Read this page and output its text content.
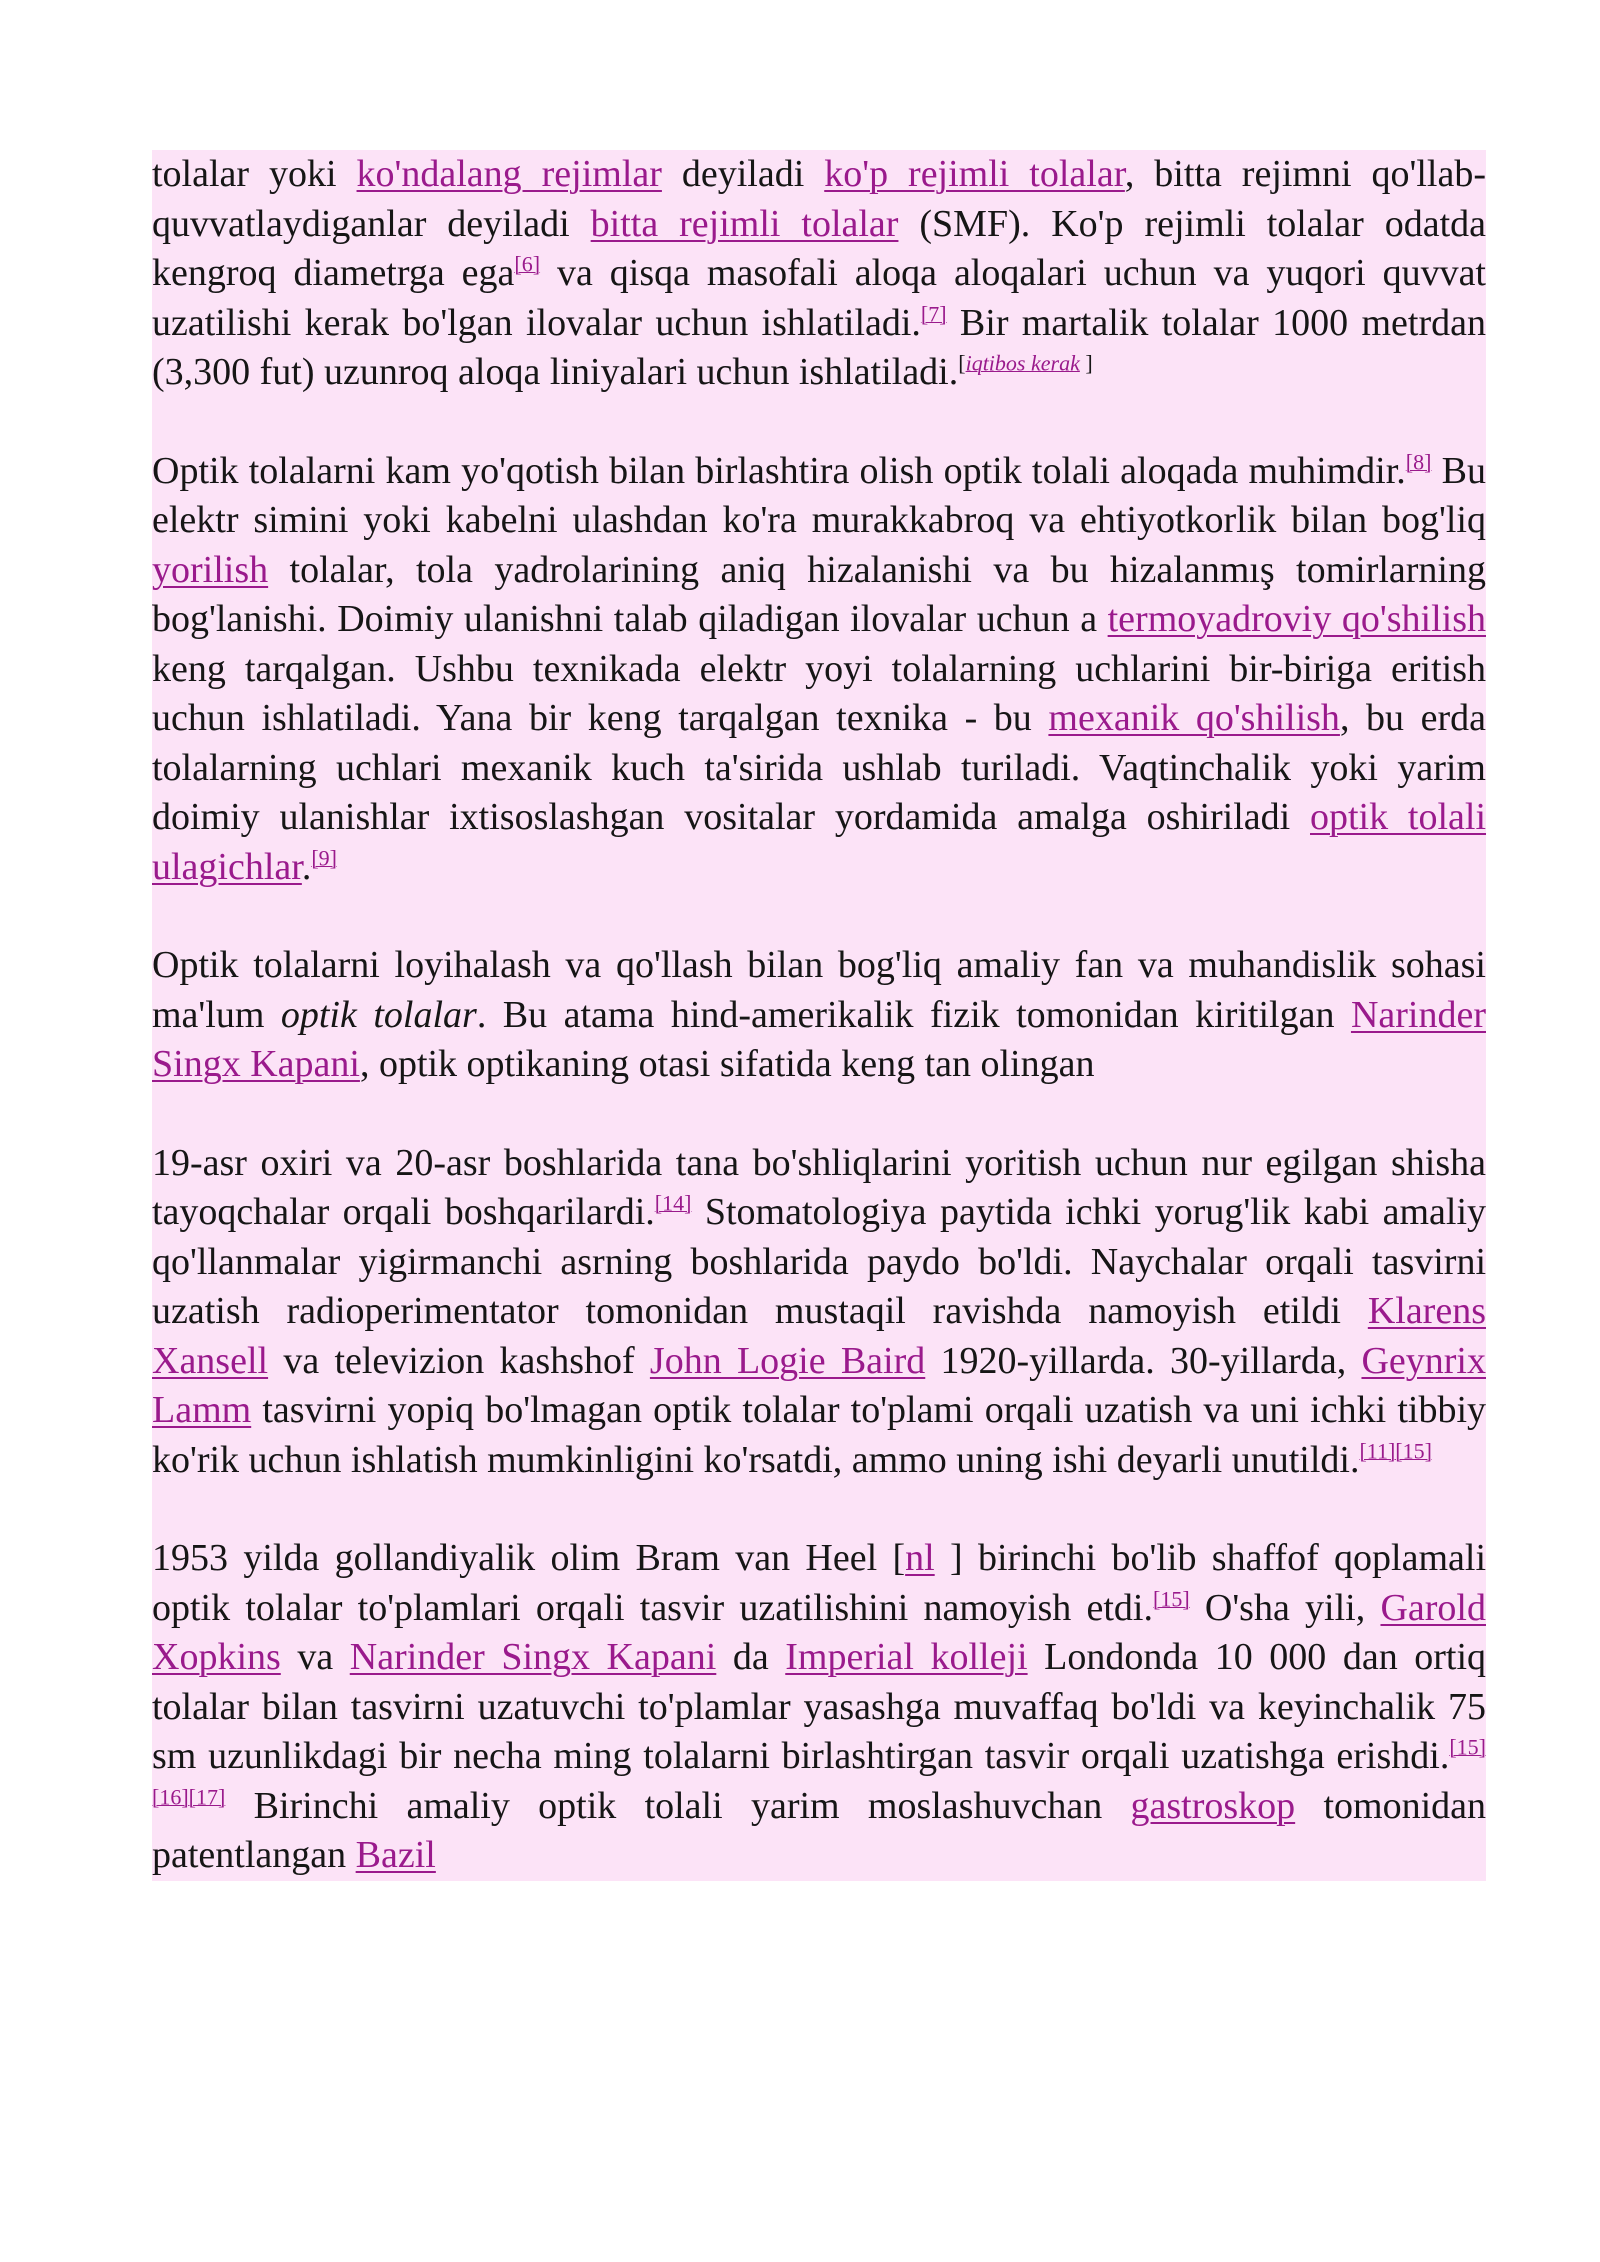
tolalar yoki ko'ndalang rejimlar deyiladi ko'p rejimli tolalar, bitta rejimni qo'llab-quvvatlaydiganlar deyiladi bitta rejimli tolalar (SMF). Ko'p rejimli tolalar odatda kengroq diametrga ega[6] va qisqa masofali aloqa aloqalari uchun va yuqori quvvat uzatilishi kerak bo'lgan ilovalar uchun ishlatiladi.[7] Bir martalik tolalar 1000 metrdan (3,300 fut) uzunroq aloqa liniyalari uchun ishlatiladi.[iqtibos kerak ]

Optik tolalarni kam yo'qotish bilan birlashtira olish optik tolali aloqada muhimdir.[8] Bu elektr simini yoki kabelni ulashdan ko'ra murakkabroq va ehtiyotkorlik bilan bog'liq yorilish tolalar, tola yadrolarining aniq hizalanishi va bu hizalanmış tomirlarning bog'lanishi. Doimiy ulanishni talab qiladigan ilovalar uchun a termoyadroviy qo'shilish keng tarqalgan. Ushbu texnikada elektr yoyi tolalarning uchlarini bir-biriga eritish uchun ishlatiladi. Yana bir keng tarqalgan texnika - bu mexanik qo'shilish, bu erda tolalarning uchlari mexanik kuch ta'sirida ushlab turiladi. Vaqtinchalik yoki yarim doimiy ulanishlar ixtisoslashgan vositalar yordamida amalga oshiriladi optik tolali ulagichlar.[9]

Optik tolalarni loyihalash va qo'llash bilan bog'liq amaliy fan va muhandislik sohasi ma'lum optik tolalar. Bu atama hind-amerikalik fizik tomonidan kiritilgan Narinder Singx Kapani, optik optikaning otasi sifatida keng tan olingan

19-asr oxiri va 20-asr boshlarida tana bo'shliqlarini yoritish uchun nur egilgan shisha tayoqchalar orqali boshqarilardi.[14] Stomatologiya paytida ichki yorug'lik kabi amaliy qo'llanmalar yigirmanchi asrning boshlarida paydo bo'ldi. Naychalar orqali tasvirni uzatish radioperimentator tomonidan mustaqil ravishda namoyish etildi Klarens Xansell va televizion kashshof John Logie Baird 1920-yillarda. 30-yillarda, Geynrix Lamm tasvirni yopiq bo'lmagan optik tolalar to'plami orqali uzatish va uni ichki tibbiy ko'rik uchun ishlatish mumkinligini ko'rsatdi, ammo uning ishi deyarli unutildi.[11][15]

1953 yilda gollandiyalik olim Bram van Heel [nl ] birinchi bo'lib shaffof qoplamali optik tolalar to'plamlari orqali tasvir uzatilishini namoyish etdi.[15] O'sha yili, Garold Xopkins va Narinder Singx Kapani da Imperial kolleji Londonda 10 000 dan ortiq tolalar bilan tasvirni uzatuvchi to'plamlar yasashga muvaffaq bo'ldi va keyinchalik 75 sm uzunlikdagi bir necha ming tolalarni birlashtirgan tasvir orqali uzatishga erishdi.[15][16][17] Birinchi amaliy optik tolali yarim moslashuvchan gastroskop tomonidan patentlangan Bazil
